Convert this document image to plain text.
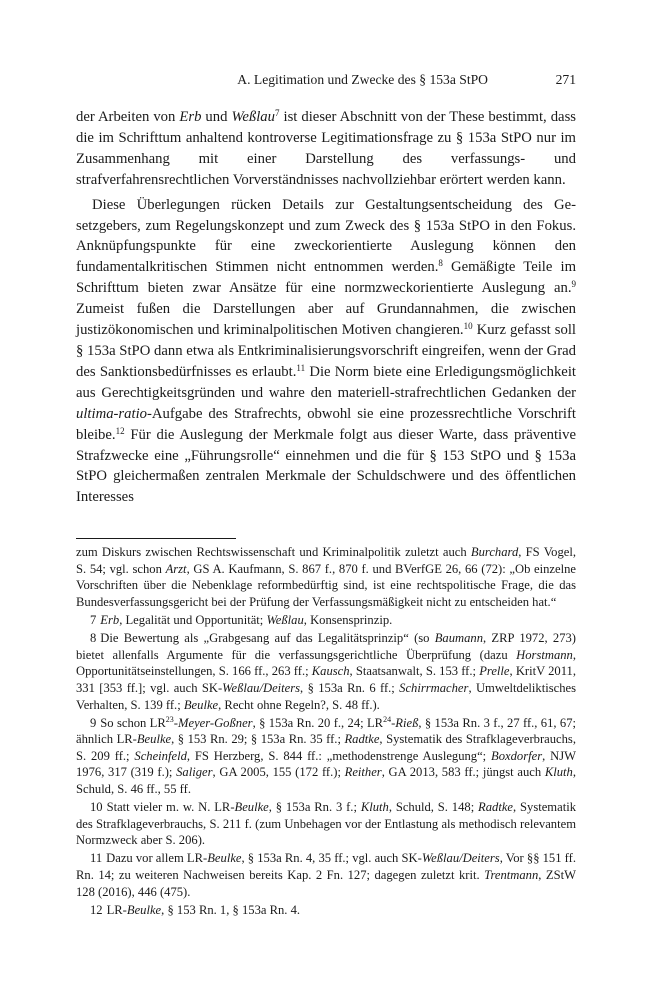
A. Legitimation und Zwecke des § 153a StPO	271

der Arbeiten von Erb und Weßlau$^7$ ist dieser Abschnitt von der These bestimmt, dass die im Schrifttum anhaltend kontroverse Legitimationsfrage zu § 153a StPO nur im Zusammenhang mit einer Darstellung des verfassungs- und strafverfahrensrechtlichen Vorverständnisses nachvollziehbar erörtert werden kann.

Diese Überlegungen rücken Details zur Gestaltungsentscheidung des Gesetzgebers, zum Regelungskonzept und zum Zweck des § 153a StPO in den Fokus. Anknüpfungspunkte für eine zweckorientierte Auslegung können den fundamentalkritischen Stimmen nicht entnommen werden.$^8$ Gemäßigte Teile im Schrifttum bieten zwar Ansätze für eine normzweckorientierte Auslegung an.$^9$ Zumeist fußen die Darstellungen aber auf Grundannahmen, die zwischen justizökonomischen und kriminalpolitischen Motiven changieren.$^{10}$ Kurz gefasst soll § 153a StPO dann etwa als Entkriminalisierungsvorschrift eingreifen, wenn der Grad des Sanktionsbedürfnisses es erlaubt.$^{11}$ Die Norm biete eine Erledigungsmöglichkeit aus Gerechtigkeitsgründen und wahre den materiell-strafrechtlichen Gedanken der ultima-ratio-Aufgabe des Strafrechts, obwohl sie eine prozessrechtliche Vorschrift bleibe.$^{12}$ Für die Auslegung der Merkmale folgt aus dieser Warte, dass präventive Strafzwecke eine „Führungsrolle“ einnehmen und die für § 153 StPO und § 153a StPO gleichermaßen zentralen Merkmale der Schuldschwere und des öffentlichen Interesses

zum Diskurs zwischen Rechtswissenschaft und Kriminalpolitik zuletzt auch Burchard, FS Vogel, S. 54; vgl. schon Arzt, GS A. Kaufmann, S. 867 f., 870 f. und BVerfGE 26, 66 (72): „Ob einzelne Vorschriften über die Nebenklage reformbedürftig sind, ist eine rechtspolitische Frage, die das Bundesverfassungsgericht bei der Prüfung der Verfassungsmäßigkeit nicht zu entscheiden hat.“

7 Erb, Legalität und Opportunität; Weßlau, Konsensprinzip.

8 Die Bewertung als „Grabgesang auf das Legalitätsprinzip“ (so Baumann, ZRP 1972, 273) bietet allenfalls Argumente für die verfassungsgerichtliche Überprüfung (dazu Horstmann, Opportunitätseinstellungen, S. 166 ff., 263 ff.; Kausch, Staatsanwalt, S. 153 ff.; Prelle, KritV 2011, 331 [353 ff.]; vgl. auch SK-Weßlau/Deiters, § 153a Rn. 6 ff.; Schirrmacher, Umweltdeliktisches Verhalten, S. 139 ff.; Beulke, Recht ohne Regeln?, S. 48 ff.).

9 So schon LR$^{23}$-Meyer-Goßner, § 153a Rn. 20 f., 24; LR$^{24}$-Rieß, § 153a Rn. 3 f., 27 ff., 61, 67; ähnlich LR-Beulke, § 153 Rn. 29; § 153a Rn. 35 ff.; Radtke, Systematik des Strafklageverbrauchs, S. 209 ff.; Scheinfeld, FS Herzberg, S. 844 ff.: „methodenstrenge Auslegung“; Boxdorfer, NJW 1976, 317 (319 f.); Saliger, GA 2005, 155 (172 ff.); Reither, GA 2013, 583 ff.; jüngst auch Kluth, Schuld, S. 46 ff., 55 ff.

10 Statt vieler m. w. N. LR-Beulke, § 153a Rn. 3 f.; Kluth, Schuld, S. 148; Radtke, Systematik des Strafklageverbrauchs, S. 211 f. (zum Unbehagen vor der Entlastung als methodisch relevantem Normzweck aber S. 206).

11 Dazu vor allem LR-Beulke, § 153a Rn. 4, 35 ff.; vgl. auch SK-Weßlau/Deiters, Vor §§ 151 ff. Rn. 14; zu weiteren Nachweisen bereits Kap. 2 Fn. 127; dagegen zuletzt krit. Trentmann, ZStW 128 (2016), 446 (475).

12 LR-Beulke, § 153 Rn. 1, § 153a Rn. 4.
